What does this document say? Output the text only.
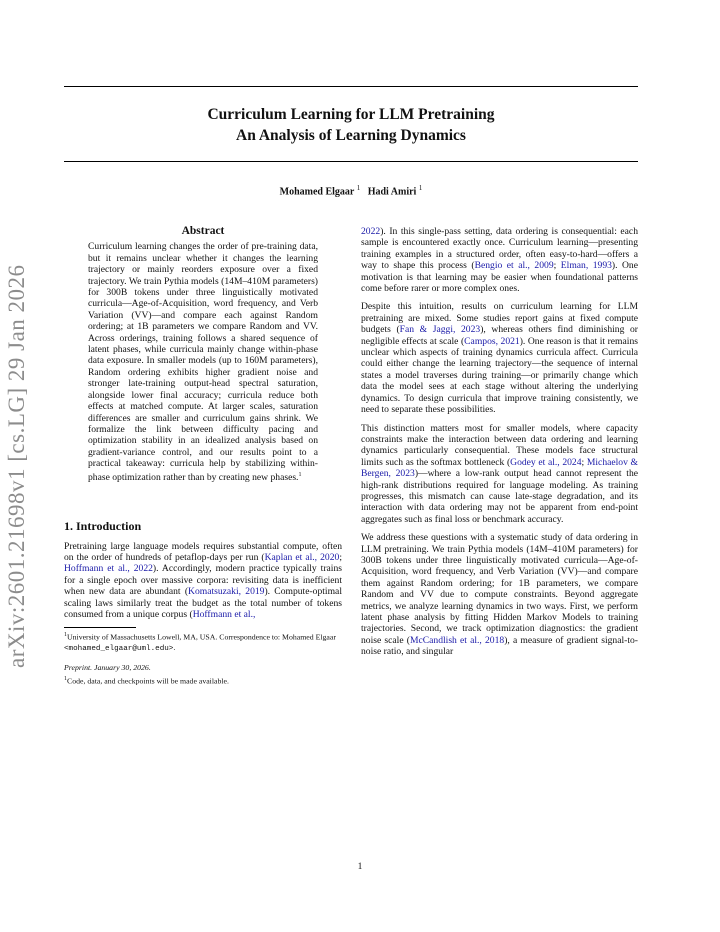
arXiv:2601.21698v1 [cs.LG] 29 Jan 2026
Curriculum Learning for LLM Pretraining
An Analysis of Learning Dynamics
Mohamed Elgaar $^1$ Hadi Amiri $^1$
Abstract
Curriculum learning changes the order of pre-training data, but it remains unclear whether it changes the learning trajectory or mainly reorders exposure over a fixed trajectory. We train Pythia models (14M–410M parameters) for 300B tokens under three linguistically motivated curricula—Age-of-Acquisition, word frequency, and Verb Variation (VV)—and compare each against Random ordering; at 1B parameters we compare Random and VV. Across orderings, training follows a shared sequence of latent phases, while curricula mainly change within-phase data exposure. In smaller models (up to 160M parameters), Random ordering exhibits higher gradient noise and stronger late-training output-head spectral saturation, alongside lower final accuracy; curricula reduce both effects at matched compute. At larger scales, saturation differences are smaller and curriculum gains shrink. We formalize the link between difficulty pacing and optimization stability in an idealized analysis based on gradient-variance control, and our results point to a practical takeaway: curricula help by stabilizing within-phase optimization rather than by creating new phases.$^1$
1. Introduction

Pretraining large language models requires substantial compute, often on the order of hundreds of petaflop-days per run (Kaplan et al., 2020; Hoffmann et al., 2022). Accordingly, modern practice typically trains for a single epoch over massive corpora: revisiting data is inefficient when new data are abundant (Komatsuzaki, 2019). Compute-optimal scaling laws similarly treat the budget as the total number of tokens consumed from a unique corpus (Hoffmann et al.,

$^1$University of Massachusetts Lowell, MA, USA. Correspondence to: Mohamed Elgaar <mohamed_elgaar@uml.edu>.
Preprint. January 30, 2026.
$^1$Code, data, and checkpoints will be made available.

2022). In this single-pass setting, data ordering is consequential: each sample is encountered exactly once. Curriculum learning—presenting training examples in a structured order, often easy-to-hard—offers a way to shape this process (Bengio et al., 2009; Elman, 1993). One motivation is that learning may be easier when foundational patterns come before rarer or more complex ones.

Despite this intuition, results on curriculum learning for LLM pretraining are mixed. Some studies report gains at fixed compute budgets (Fan & Jaggi, 2023), whereas others find diminishing or negligible effects at scale (Campos, 2021). One reason is that it remains unclear which aspects of training dynamics curricula affect. Curricula could either change the learning trajectory—the sequence of internal states a model traverses during training—or primarily change which data the model sees at each stage without altering the underlying dynamics. To design curricula that improve training consistently, we need to separate these possibilities.

This distinction matters most for smaller models, where capacity constraints make the interaction between data ordering and learning dynamics particularly consequential. These models face structural limits such as the softmax bottleneck (Godey et al., 2024; Michaelov & Bergen, 2023)—where a low-rank output head cannot represent the high-rank distributions required for language modeling. As training progresses, this mismatch can cause late-stage degradation, and its interaction with data ordering may not be apparent from end-point aggregates such as final loss or benchmark accuracy.

We address these questions with a systematic study of data ordering in LLM pretraining. We train Pythia models (14M–410M parameters) for 300B tokens under three linguistically motivated curricula—Age-of-Acquisition, word frequency, and Verb Variation (VV)—and compare them against Random ordering; for 1B parameters, we compare Random and VV due to compute constraints. Beyond aggregate metrics, we analyze learning dynamics in two ways. First, we perform latent phase analysis by fitting Hidden Markov Models to training trajectories. Second, we track optimization diagnostics: the gradient noise scale (McCandlish et al., 2018), a measure of gradient signal-to-noise ratio, and singular

1
